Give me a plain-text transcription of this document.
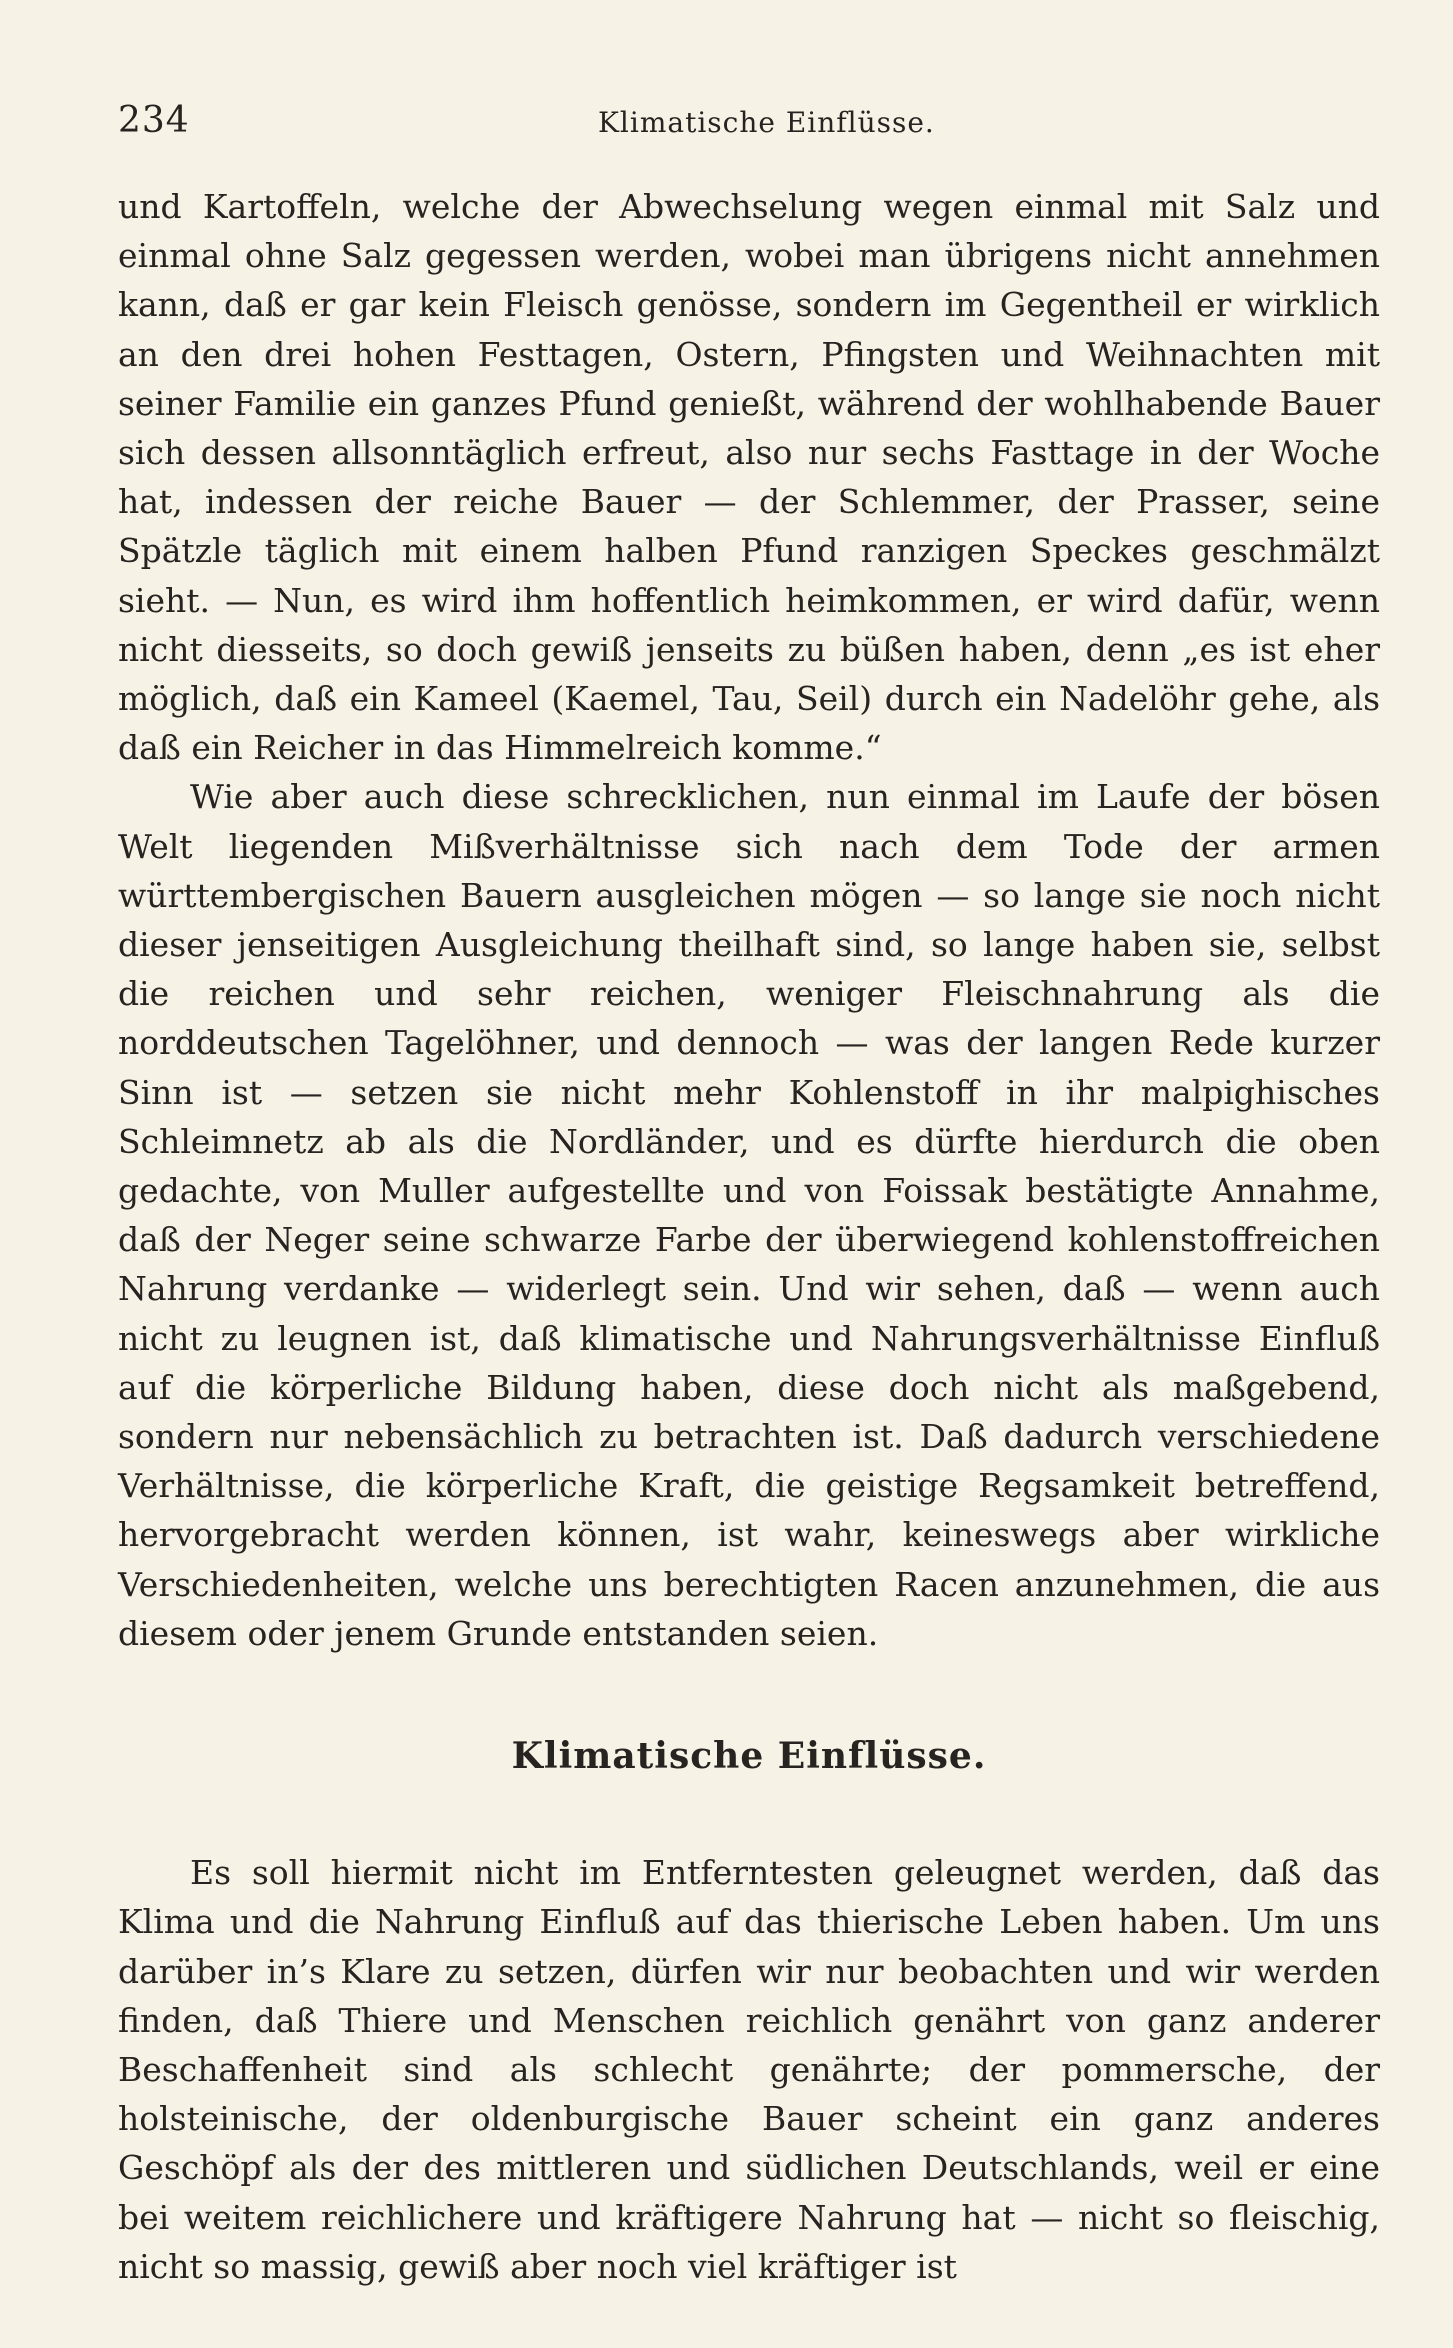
234	Klimatische Einflüsse.

und Kartoffeln, welche der Abwechselung wegen einmal mit Salz und einmal ohne Salz gegessen werden, wobei man übrigens nicht annehmen kann, daß er gar kein Fleisch genösse, sondern im Gegentheil er wirklich an den drei hohen Festtagen, Ostern, Pfingsten und Weihnachten mit seiner Familie ein ganzes Pfund genießt, während der wohlhabende Bauer sich dessen allsonntäglich erfreut, also nur sechs Fasttage in der Woche hat, indessen der reiche Bauer — der Schlemmer, der Prasser, seine Spätzle täglich mit einem halben Pfund ranzigen Speckes geschmälzt sieht. — Nun, es wird ihm hoffentlich heimkommen, er wird dafür, wenn nicht diesseits, so doch gewiß jenseits zu büßen haben, denn „es ist eher möglich, daß ein Kameel (Kaemel, Tau, Seil) durch ein Nadelöhr gehe, als daß ein Reicher in das Himmelreich komme.“

Wie aber auch diese schrecklichen, nun einmal im Laufe der bösen Welt liegenden Mißverhältnisse sich nach dem Tode der armen württembergischen Bauern ausgleichen mögen — so lange sie noch nicht dieser jenseitigen Ausgleichung theilhaft sind, so lange haben sie, selbst die reichen und sehr reichen, weniger Fleischnahrung als die norddeutschen Tagelöhner, und dennoch — was der langen Rede kurzer Sinn ist — setzen sie nicht mehr Kohlenstoff in ihr malpighisches Schleimnetz ab als die Nordländer, und es dürfte hierdurch die oben gedachte, von Muller aufgestellte und von Foissak bestätigte Annahme, daß der Neger seine schwarze Farbe der überwiegend kohlenstoffreichen Nahrung verdanke — widerlegt sein. Und wir sehen, daß — wenn auch nicht zu leugnen ist, daß klimatische und Nahrungsverhältnisse Einfluß auf die körperliche Bildung haben, diese doch nicht als maßgebend, sondern nur nebensächlich zu betrachten ist. Daß dadurch verschiedene Verhältnisse, die körperliche Kraft, die geistige Regsamkeit betreffend, hervorgebracht werden können, ist wahr, keineswegs aber wirkliche Verschiedenheiten, welche uns berechtigten Racen anzunehmen, die aus diesem oder jenem Grunde entstanden seien.

Klimatische Einflüsse.

Es soll hiermit nicht im Entferntesten geleugnet werden, daß das Klima und die Nahrung Einfluß auf das thierische Leben haben. Um uns darüber in’s Klare zu setzen, dürfen wir nur beobachten und wir werden finden, daß Thiere und Menschen reichlich genährt von ganz anderer Beschaffenheit sind als schlecht genährte; der pommersche, der holsteinische, der oldenburgische Bauer scheint ein ganz anderes Geschöpf als der des mittleren und südlichen Deutschlands, weil er eine bei weitem reichlichere und kräftigere Nahrung hat — nicht so fleischig, nicht so massig, gewiß aber noch viel kräftiger ist
